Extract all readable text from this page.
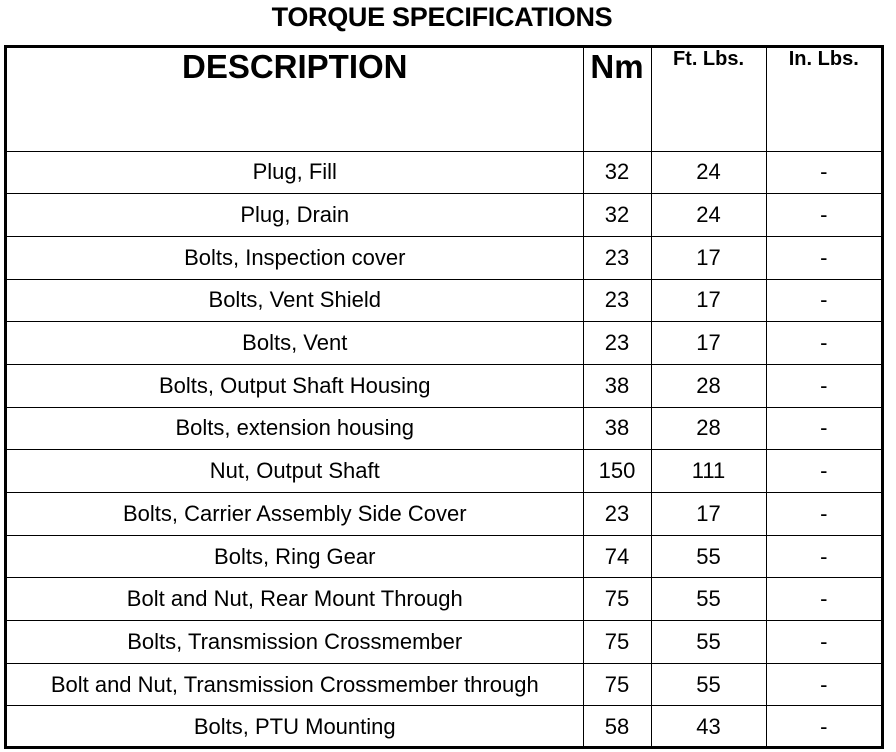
TORQUE SPECIFICATIONS
DESCRIPTION	Nm	Ft. Lbs.	In. Lbs.
Plug, Fill	32	24	-
Plug, Drain	32	24	-
Bolts, Inspection cover	23	17	-
Bolts, Vent Shield	23	17	-
Bolts, Vent	23	17	-
Bolts, Output Shaft Housing	38	28	-
Bolts, extension housing	38	28	-
Nut, Output Shaft	150	111	-
Bolts, Carrier Assembly Side Cover	23	17	-
Bolts, Ring Gear	74	55	-
Bolt and Nut, Rear Mount Through	75	55	-
Bolts, Transmission Crossmember	75	55	-
Bolt and Nut, Transmission Crossmember through	75	55	-
Bolts, PTU Mounting	58	43	-
